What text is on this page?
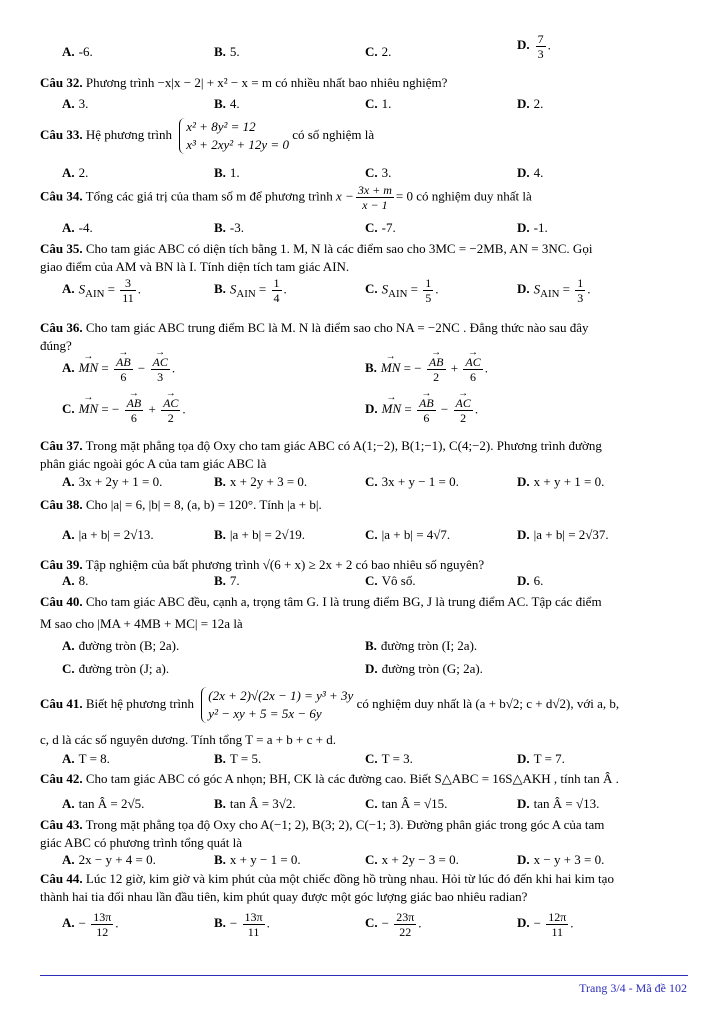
A. -6.	B. 5.	C. 2.	D. $\frac{7}{3}$ .
Câu 32. Phương trình −x|x − 2| + x² − x = m có nhiều nhất bao nhiêu nghiệm?
A. 3.	B. 4.	C. 1.	D. 2.
Câu 33. Hệ phương trình x² + 8y² = 12
x³ + 2xy² + 12y = 0 có số nghiệm là
A. 2.	B. 1.	C. 3.	D. 4.
Câu 34. Tổng các giá trị của tham số m để phương trình $x - \frac{3x + m}{x - 1} = 0$ có nghiệm duy nhất là
A. -4.	B. -3.	C. -7.	D. -1.
Câu 35. Cho tam giác ABC có diện tích bằng 1. M, N là các điểm sao cho 3MC = −2MB, AN = 3NC. Gọi
giao điểm của AM và BN là I. Tính diện tích tam giác AIN.
A. $S_{AIN} = \frac{3}{11}$ .	B. $S_{AIN} = \frac{1}{4}$ .	C. $S_{AIN} = \frac{1}{5}$ .	D. $S_{AIN} = \frac{1}{3}$ .
Câu 36. Cho tam giác ABC trung điểm BC là M. N là điểm sao cho NA = −2NC . Đẳng thức nào sau đây
đúng?
A. → MN = → $\frac{AB}{6}$ − → $\frac{AC}{3}$ .	B. → MN = − → $\frac{AB}{2}$ + → $\frac{AC}{6}$ .
C. → MN = − → $\frac{AB}{6}$ + → $\frac{AC}{2}$ .	D. → MN = → $\frac{AB}{6}$ − → $\frac{AC}{2}$ .
Câu 37. Trong mặt phẳng tọa độ Oxy cho tam giác ABC có A(1;−2), B(1;−1), C(4;−2). Phương trình đường
phân giác ngoài góc A của tam giác ABC là
A. 3x + 2y + 1 = 0.	B. x + 2y + 3 = 0.	C. 3x + y − 1 = 0.	D. x + y + 1 = 0.
Câu 38. Cho |a| = 6, |b| = 8, (a, b) = 120°. Tính |a + b|.
A. |a + b| = 2√13.	B. |a + b| = 2√19.	C. |a + b| = 4√7.	D. |a + b| = 2√37.
Câu 39. Tập nghiệm của bất phương trình √(6 + x) ≥ 2x + 2 có bao nhiêu số nguyên?
A. 8.	B. 7.	C. Vô số.	D. 6.
Câu 40. Cho tam giác ABC đều, cạnh a, trọng tâm G. I là trung điểm BG, J là trung điểm AC. Tập các điểm
M sao cho |MA + 4MB + MC| = 12a là
A. đường tròn (B; 2a).	B. đường tròn (I; 2a).
C. đường tròn (J; a).	D. đường tròn (G; 2a).
Câu 41. Biết hệ phương trình (2x + 2)√(2x − 1) = y³ + 3y
y² − xy + 5 = 5x − 6y có nghiệm duy nhất là (a + b√2; c + d√2), với a, b,
c, d là các số nguyên dương. Tính tổng T = a + b + c + d.
A. T = 8.	B. T = 5.	C. T = 3.	D. T = 7.
Câu 42. Cho tam giác ABC có góc A nhọn; BH, CK là các đường cao. Biết S△ABC = 16S△AKH , tính tan Â .
A. tan Â = 2√5.	B. tan Â = 3√2.	C. tan Â = √15.	D. tan Â = √13.
Câu 43. Trong mặt phẳng tọa độ Oxy cho A(−1; 2), B(3; 2), C(−1; 3). Đường phân giác trong góc A của tam
giác ABC có phương trình tổng quát là
A. 2x − y + 4 = 0.	B. x + y − 1 = 0.	C. x + 2y − 3 = 0.	D. x − y + 3 = 0.
Câu 44. Lúc 12 giờ, kim giờ và kim phút của một chiếc đồng hồ trùng nhau. Hỏi từ lúc đó đến khi hai kim tạo
thành hai tia đối nhau lần đầu tiên, kim phút quay được một góc lượng giác bao nhiêu radian?
A. − $\frac{13\pi}{12}$ .	B. − $\frac{13\pi}{11}$ .	C. − $\frac{23\pi}{22}$ .	D. − $\frac{12\pi}{11}$ .
Trang 3/4 - Mã đề 102
